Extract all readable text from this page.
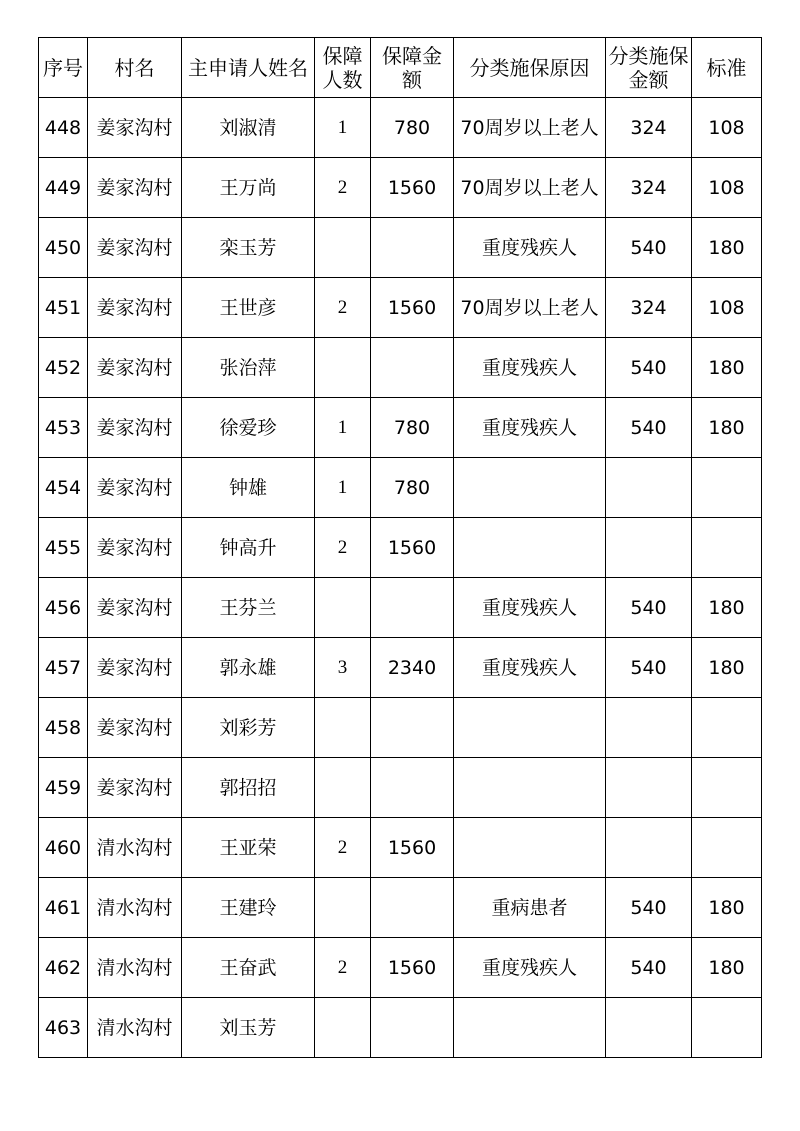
序号	村名	主申请人姓名	保障人数	保障金额	分类施保原因	分类施保金额	标准
448	姜家沟村	刘淑清	1	780	70周岁以上老人	324	108
449	姜家沟村	王万尚	2	1560	70周岁以上老人	324	108
450	姜家沟村	栾玉芳			重度残疾人	540	180
451	姜家沟村	王世彦	2	1560	70周岁以上老人	324	108
452	姜家沟村	张治萍			重度残疾人	540	180
453	姜家沟村	徐爱珍	1	780	重度残疾人	540	180
454	姜家沟村	钟雄	1	780			
455	姜家沟村	钟高升	2	1560			
456	姜家沟村	王芬兰			重度残疾人	540	180
457	姜家沟村	郭永雄	3	2340	重度残疾人	540	180
458	姜家沟村	刘彩芳					
459	姜家沟村	郭招招					
460	清水沟村	王亚荣	2	1560			
461	清水沟村	王建玲			重病患者	540	180
462	清水沟村	王奋武	2	1560	重度残疾人	540	180
463	清水沟村	刘玉芳					
